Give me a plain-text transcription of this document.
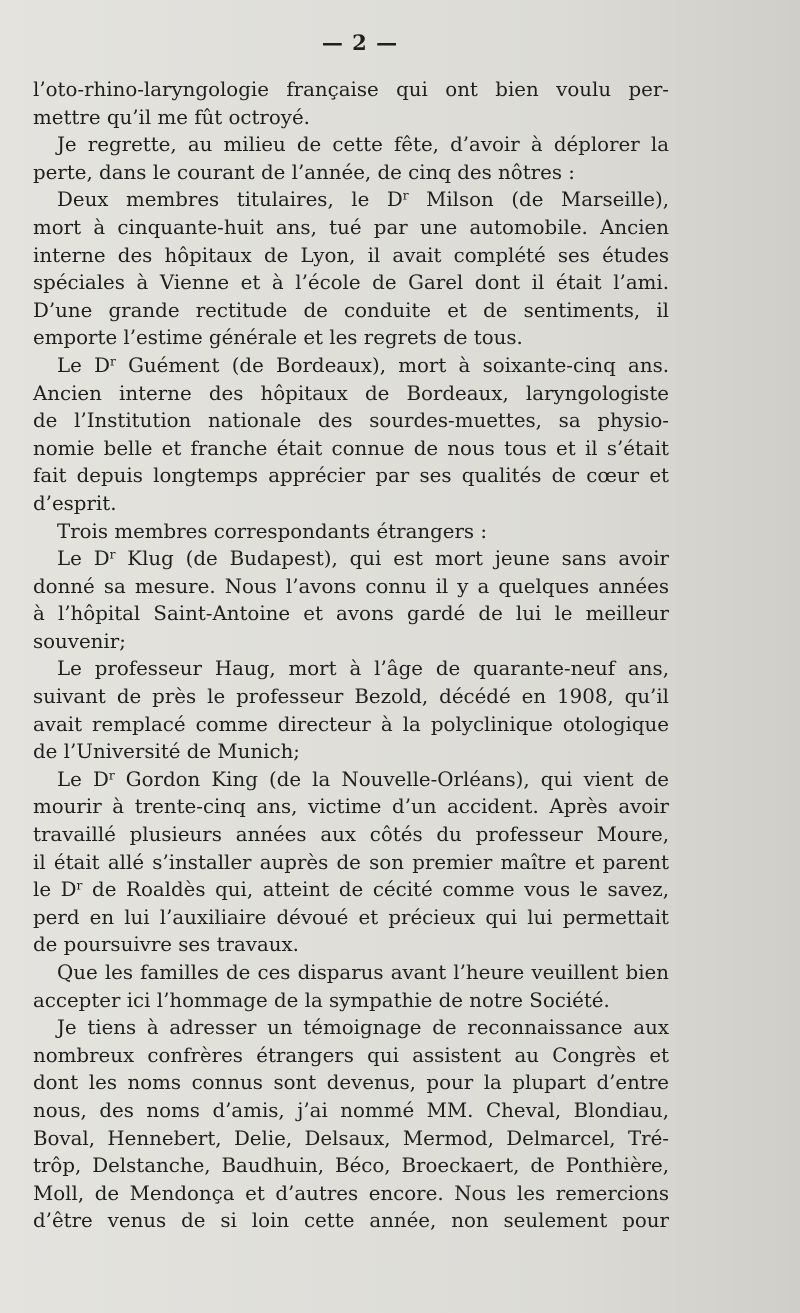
— 2 —
l’oto-rhino-laryngologie française qui ont bien voulu per-
mettre qu’il me fût octroyé.
Je regrette, au milieu de cette fête, d’avoir à déplorer la
perte, dans le courant de l’année, de cinq des nôtres :
Deux membres titulaires, le $D^r$ Milson (de Marseille),
mort à cinquante-huit ans, tué par une automobile. Ancien
interne des hôpitaux de Lyon, il avait complété ses études
spéciales à Vienne et à l’école de Garel dont il était l’ami.
D’une grande rectitude de conduite et de sentiments, il
emporte l’estime générale et les regrets de tous.
Le $D^r$ Guément (de Bordeaux), mort à soixante-cinq ans.
Ancien interne des hôpitaux de Bordeaux, laryngologiste
de l’Institution nationale des sourdes-muettes, sa physio-
nomie belle et franche était connue de nous tous et il s’était
fait depuis longtemps apprécier par ses qualités de cœur et
d’esprit.
Trois membres correspondants étrangers :
Le $D^r$ Klug (de Budapest), qui est mort jeune sans avoir
donné sa mesure. Nous l’avons connu il y a quelques années
à l’hôpital Saint-Antoine et avons gardé de lui le meilleur
souvenir;
Le professeur Haug, mort à l’âge de quarante-neuf ans,
suivant de près le professeur Bezold, décédé en 1908, qu’il
avait remplacé comme directeur à la polyclinique otologique
de l’Université de Munich;
Le $D^r$ Gordon King (de la Nouvelle-Orléans), qui vient de
mourir à trente-cinq ans, victime d’un accident. Après avoir
travaillé plusieurs années aux côtés du professeur Moure,
il était allé s’installer auprès de son premier maître et parent
le $D^r$ de Roaldès qui, atteint de cécité comme vous le savez,
perd en lui l’auxiliaire dévoué et précieux qui lui permettait
de poursuivre ses travaux.
Que les familles de ces disparus avant l’heure veuillent bien
accepter ici l’hommage de la sympathie de notre Société.
Je tiens à adresser un témoignage de reconnaissance aux
nombreux confrères étrangers qui assistent au Congrès et
dont les noms connus sont devenus, pour la plupart d’entre
nous, des noms d’amis, j’ai nommé MM. Cheval, Blondiau,
Boval, Hennebert, Delie, Delsaux, Mermod, Delmarcel, Tré-
trôp, Delstanche, Baudhuin, Béco, Broeckaert, de Ponthière,
Moll, de Mendonça et d’autres encore. Nous les remercions
d’être venus de si loin cette année, non seulement pour
